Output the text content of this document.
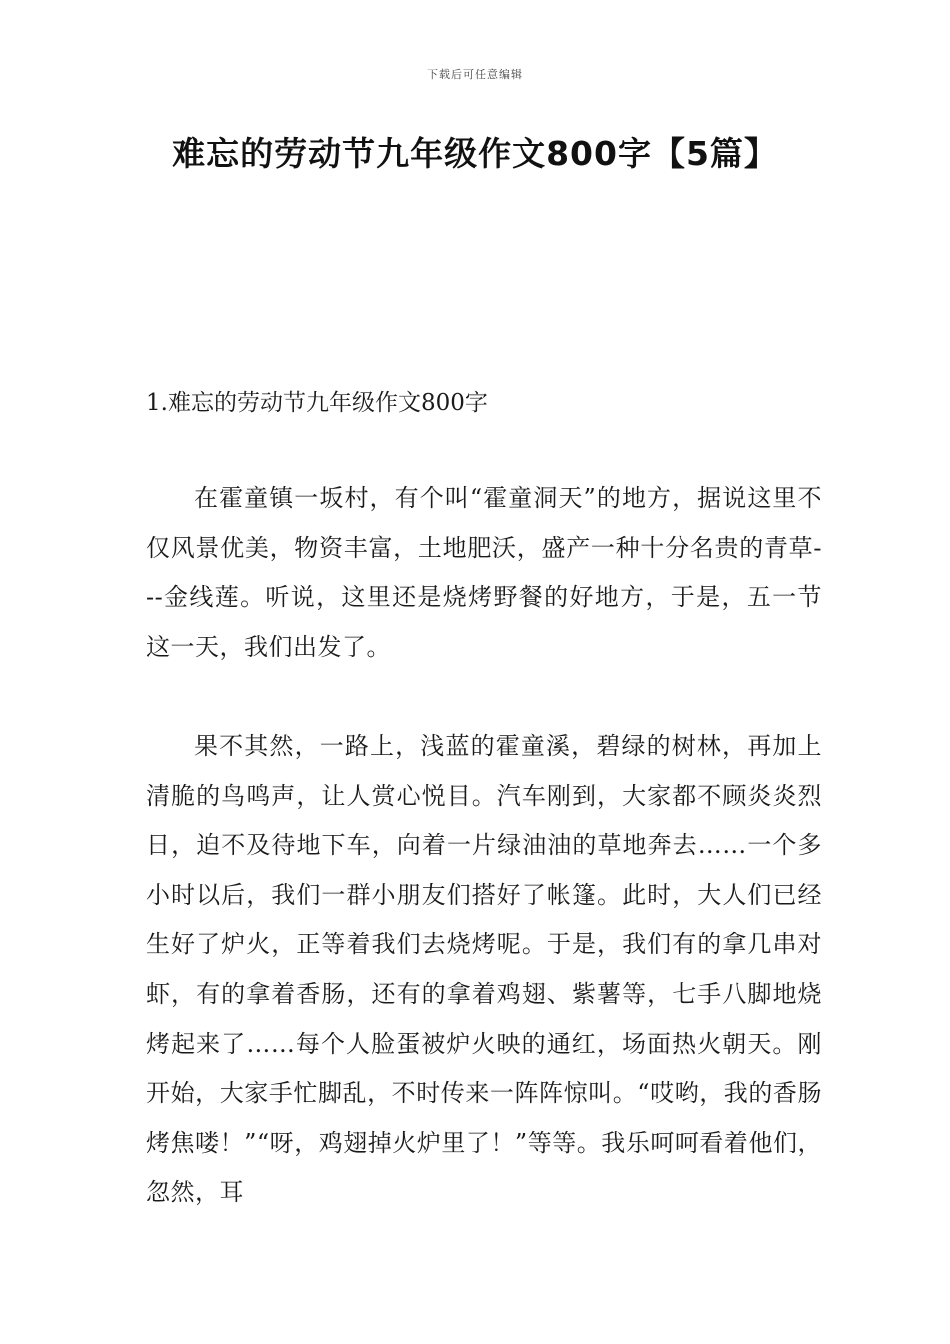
下载后可任意编辑
难忘的劳动节九年级作文800字【5篇】
1.难忘的劳动节九年级作文800字

在霍童镇一坂村，有个叫“霍童洞天”的地方，据说这里不仅风景优美，物资丰富，土地肥沃，盛产一种十分名贵的青草---金线莲。听说，这里还是烧烤野餐的好地方，于是，五一节这一天，我们出发了。

果不其然，一路上，浅蓝的霍童溪，碧绿的树林，再加上清脆的鸟鸣声，让人赏心悦目。汽车刚到，大家都不顾炎炎烈日，迫不及待地下车，向着一片绿油油的草地奔去……一个多小时以后，我们一群小朋友们搭好了帐篷。此时，大人们已经生好了炉火，正等着我们去烧烤呢。于是，我们有的拿几串对虾，有的拿着香肠，还有的拿着鸡翅、紫薯等，七手八脚地烧烤起来了……每个人脸蛋被炉火映的通红，场面热火朝天。刚开始，大家手忙脚乱，不时传来一阵阵惊叫。“哎哟，我的香肠烤焦喽！”“呀，鸡翅掉火炉里了！”等等。我乐呵呵看着他们，忽然，耳
